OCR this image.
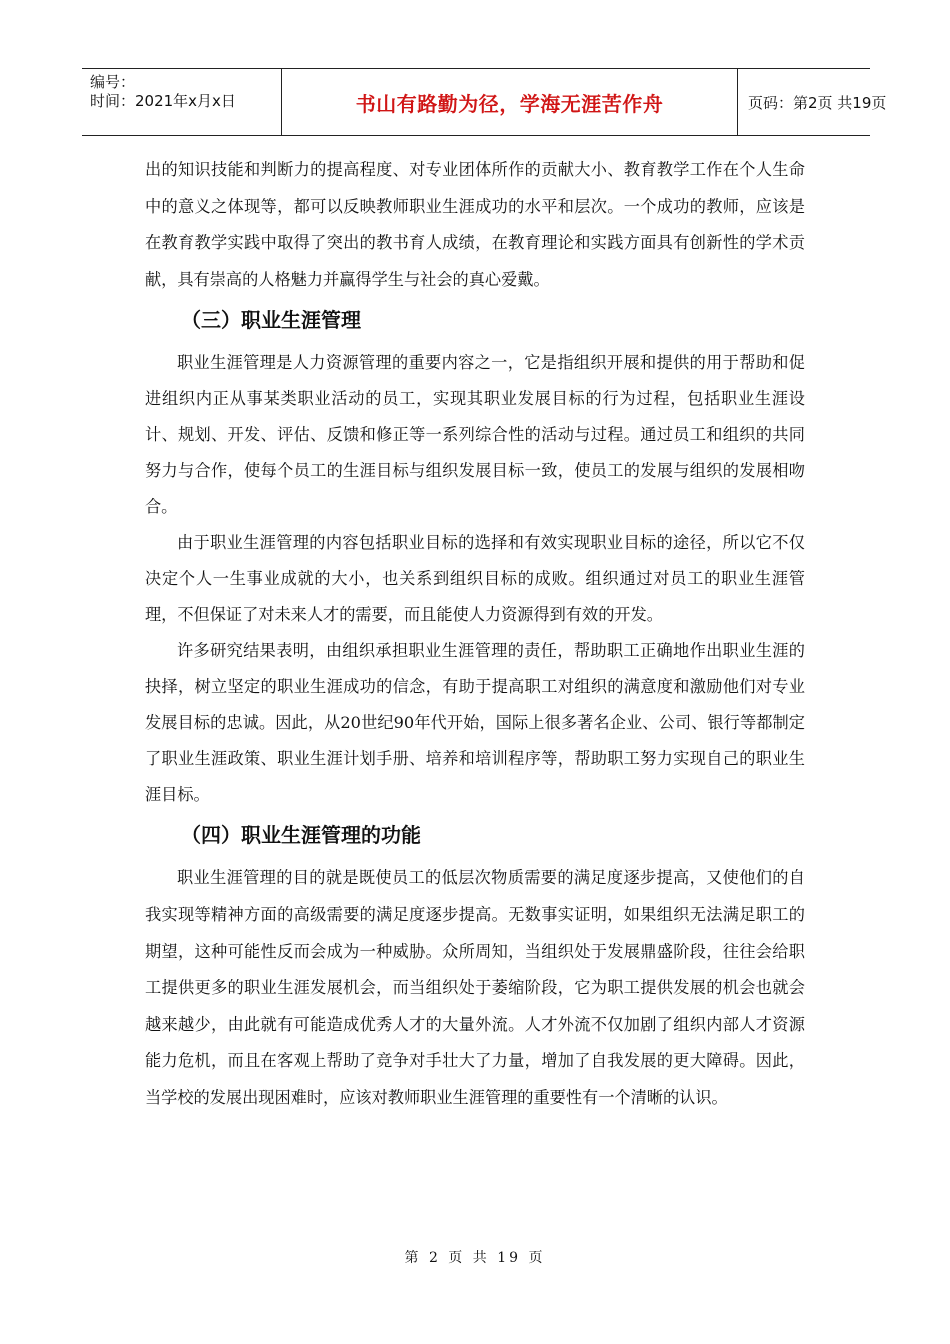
编号：
时间：2021年x月x日	书山有路勤为径，学海无涯苦作舟	页码：第2页 共19页

出的知识技能和判断力的提高程度、对专业团体所作的贡献大小、教育教学工作在个人生命中的意义之体现等，都可以反映教师职业生涯成功的水平和层次。一个成功的教师，应该是在教育教学实践中取得了突出的教书育人成绩，在教育理论和实践方面具有创新性的学术贡献，具有崇高的人格魅力并赢得学生与社会的真心爱戴。

（三）职业生涯管理

职业生涯管理是人力资源管理的重要内容之一，它是指组织开展和提供的用于帮助和促进组织内正从事某类职业活动的员工，实现其职业发展目标的行为过程，包括职业生涯设计、规划、开发、评估、反馈和修正等一系列综合性的活动与过程。通过员工和组织的共同努力与合作，使每个员工的生涯目标与组织发展目标一致，使员工的发展与组织的发展相吻合。

由于职业生涯管理的内容包括职业目标的选择和有效实现职业目标的途径，所以它不仅决定个人一生事业成就的大小，也关系到组织目标的成败。组织通过对员工的职业生涯管理，不但保证了对未来人才的需要，而且能使人力资源得到有效的开发。

许多研究结果表明，由组织承担职业生涯管理的责任，帮助职工正确地作出职业生涯的抉择，树立坚定的职业生涯成功的信念，有助于提高职工对组织的满意度和激励他们对专业发展目标的忠诚。因此，从20世纪90年代开始，国际上很多著名企业、公司、银行等都制定了职业生涯政策、职业生涯计划手册、培养和培训程序等，帮助职工努力实现自己的职业生涯目标。

（四）职业生涯管理的功能

职业生涯管理的目的就是既使员工的低层次物质需要的满足度逐步提高，又使他们的自我实现等精神方面的高级需要的满足度逐步提高。无数事实证明，如果组织无法满足职工的期望，这种可能性反而会成为一种威胁。众所周知，当组织处于发展鼎盛阶段，往往会给职工提供更多的职业生涯发展机会，而当组织处于萎缩阶段，它为职工提供发展的机会也就会越来越少，由此就有可能造成优秀人才的大量外流。人才外流不仅加剧了组织内部人才资源能力危机，而且在客观上帮助了竞争对手壮大了力量，增加了自我发展的更大障碍。因此，当学校的发展出现困难时，应该对教师职业生涯管理的重要性有一个清晰的认识。

第 2 页 共 19 页
